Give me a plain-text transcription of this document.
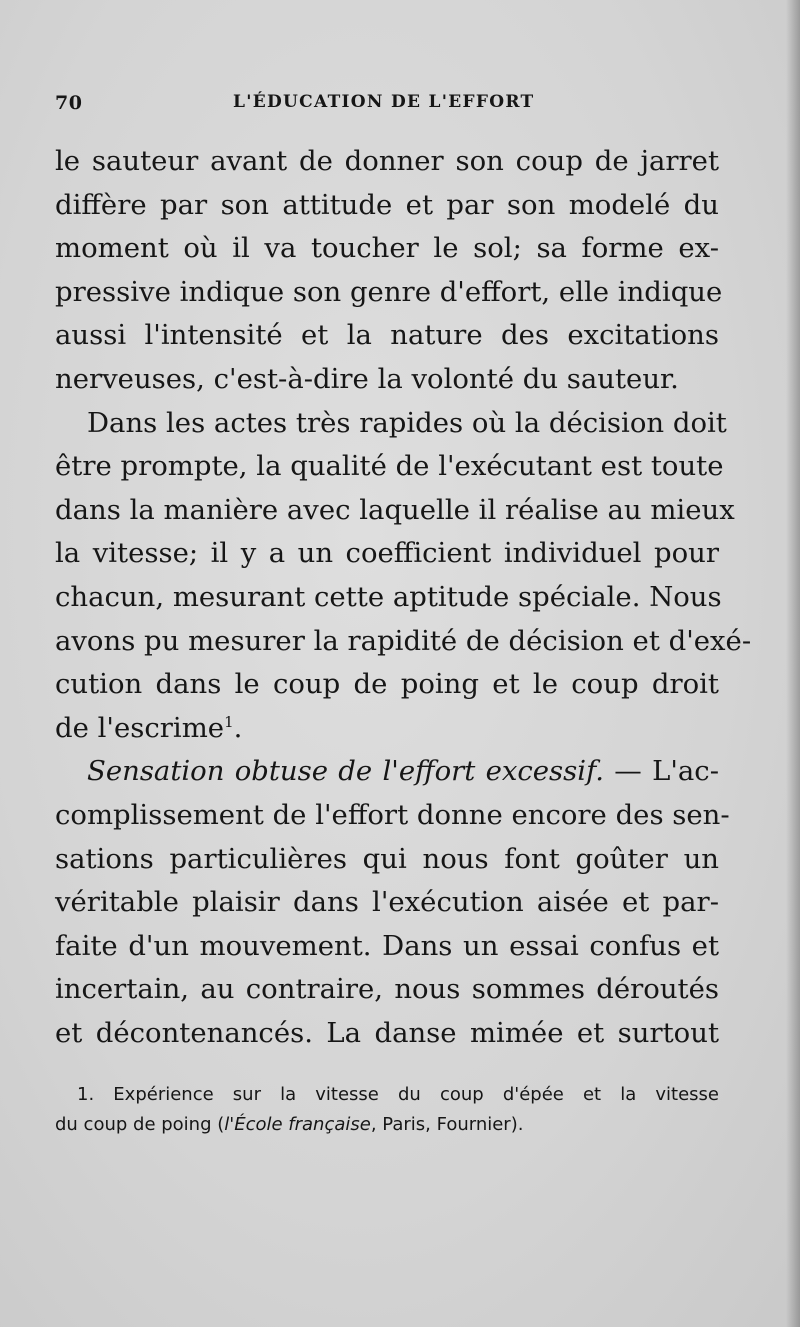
70	L'ÉDUCATION DE L'EFFORT

le sauteur avant de donner son coup de jarret
diffère par son attitude et par son modelé du
moment où il va toucher le sol; sa forme ex-
pressive indique son genre d'effort, elle indique
aussi l'intensité et la nature des excitations
nerveuses, c'est-à-dire la volonté du sauteur.

Dans les actes très rapides où la décision doit
être prompte, la qualité de l'exécutant est toute
dans la manière avec laquelle il réalise au mieux
la vitesse; il y a un coefficient individuel pour
chacun, mesurant cette aptitude spéciale. Nous
avons pu mesurer la rapidité de décision et d'exé-
cution dans le coup de poing et le coup droit
de l'escrime$^1$.

Sensation obtuse de l'effort excessif. — L'ac-
complissement de l'effort donne encore des sen-
sations particulières qui nous font goûter un
véritable plaisir dans l'exécution aisée et par-
faite d'un mouvement. Dans un essai confus et
incertain, au contraire, nous sommes déroutés
et décontenancés. La danse mimée et surtout

1. Expérience sur la vitesse du coup d'épée et la vitesse
du coup de poing (l'École française, Paris, Fournier).
